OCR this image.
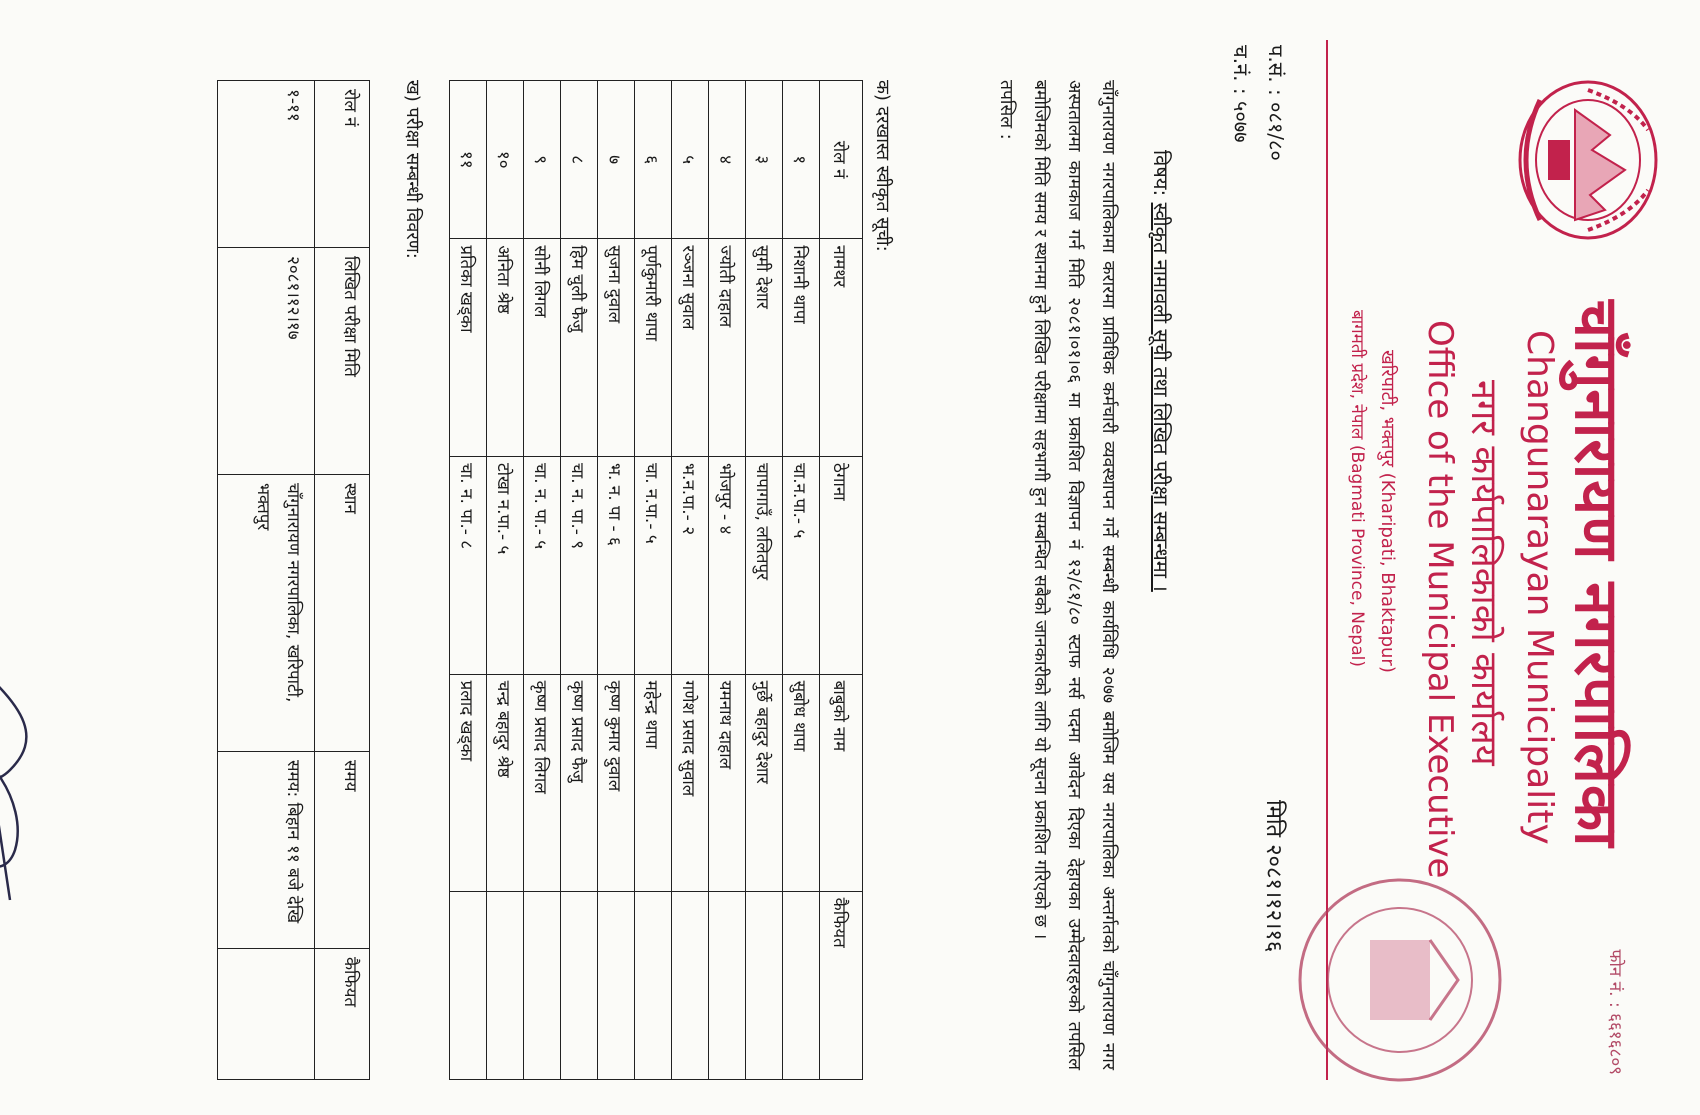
फोन नं. : ६६१६८०९
चाँगुनारायण नगरपालिका
Changunarayan Municipality
नगर कार्यपालिकाको कार्यालय
Office of the Municipal Executive
खरिपाटी, भक्तपुर (Kharipati, Bhaktapur)
बागमती प्रदेश, नेपाल (Bagmati Province, Nepal)
प.सं. : ०८१/८०
च.नं. : ५०७७
मिति २०८१।१२।१६
विषय: स्वीकृत नामावली सूची तथा लिखित परीक्षा सम्बन्धमा ।
चाँगुनारायण नगरपालिकामा करारमा प्राविधिक कर्मचारी व्यवस्थापन गर्ने सम्बन्धी कार्यविधि २०७७ बमोजिम यस नगरपालिका अन्तर्गतको चाँगुनारायण नगर अस्पतालमा कामकाज गर्न मिति २०८१।०१।०६ मा प्रकाशित विज्ञापन नं १२/८१/८० स्टाफ नर्स पदमा आवेदन दिएका देहायका उम्मेदवारहरुको तपसिल बमोजिमको मिति समय र स्थानमा हुने लिखित परीक्षामा सहभागी हुन सम्बन्धित सबैको जानकारीको लागि यो सूचना प्रकाशित गरिएको छ ।
तपसिल :
क) दरखास्त स्वीकृत सूची:
रोल नं	नामथर	ठेगाना	बाबुको नाम	कैफियत
१	निशानी थापा	चा.न.पा.- ५	सुबोध थापा	
३	सुमी देशार	चापागाउँ, ललितपुर	नुर्छे बहादुर देशार	
४	ज्योती दाहाल	भोजपुर - ४	यमनाथ दाहाल	
५	रञ्जना सुवाल	भ.न.पा.- २	गणेश प्रसाद सुवाल	
६	पूर्णकुमारी थापा	चा. न.पा.- ५	महेन्द्र थापा	
७	सुजना दुवाल	भ. न. पा - ६	कृष्ण कुमार दुवाल	
८	हिम चुली फैजु	चा. न. पा.- ९	कृष्ण प्रसाद फैजु	
९	सोनी लिगल	चा. न. पा.- ५	कृष्ण प्रसाद लिगल	
१०	अनिता श्रेष्ठ	टोखा न.पा.- ५	चन्द्र बहादुर श्रेष्ठ	
११	प्रतिका खड्का	चा. न. पा.- ८	प्रलाद खड्का	
ख) परीक्षा सम्बन्धी विवरण:
रोल नं	लिखित परीक्षा मिति	स्थान	समय	कैफियत
१-११	२०८१।१२।१७	चाँगुनारायण नगरपालिका, खरिपाटी, भक्तपुर	समय: बिहान ११ बजे देखि	
